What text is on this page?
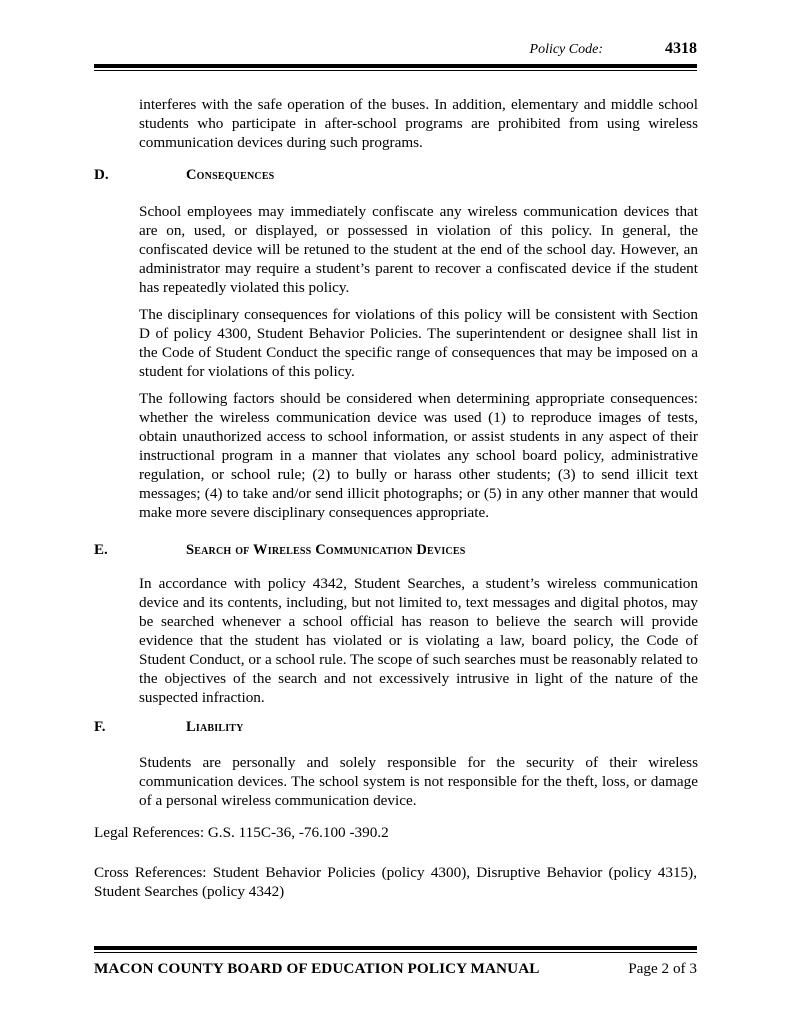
Policy Code:	4318

interferes with the safe operation of the buses. In addition, elementary and middle school students who participate in after-school programs are prohibited from using wireless communication devices during such programs.

D.	Consequences

School employees may immediately confiscate any wireless communication devices that are on, used, or displayed, or possessed in violation of this policy. In general, the confiscated device will be retuned to the student at the end of the school day. However, an administrator may require a student’s parent to recover a confiscated device if the student has repeatedly violated this policy.

The disciplinary consequences for violations of this policy will be consistent with Section D of policy 4300, Student Behavior Policies. The superintendent or designee shall list in the Code of Student Conduct the specific range of consequences that may be imposed on a student for violations of this policy.

The following factors should be considered when determining appropriate consequences: whether the wireless communication device was used (1) to reproduce images of tests, obtain unauthorized access to school information, or assist students in any aspect of their instructional program in a manner that violates any school board policy, administrative regulation, or school rule; (2) to bully or harass other students; (3) to send illicit text messages; (4) to take and/or send illicit photographs; or (5) in any other manner that would make more severe disciplinary consequences appropriate.

E.	Search of Wireless Communication Devices

In accordance with policy 4342, Student Searches, a student’s wireless communication device and its contents, including, but not limited to, text messages and digital photos, may be searched whenever a school official has reason to believe the search will provide evidence that the student has violated or is violating a law, board policy, the Code of Student Conduct, or a school rule. The scope of such searches must be reasonably related to the objectives of the search and not excessively intrusive in light of the nature of the suspected infraction.

F.	Liability

Students are personally and solely responsible for the security of their wireless communication devices. The school system is not responsible for the theft, loss, or damage of a personal wireless communication device.

Legal References: G.S. 115C-36, -76.100 -390.2

Cross References: Student Behavior Policies (policy 4300), Disruptive Behavior (policy 4315), Student Searches (policy 4342)

MACON COUNTY BOARD OF EDUCATION POLICY MANUAL	Page 2 of 3
